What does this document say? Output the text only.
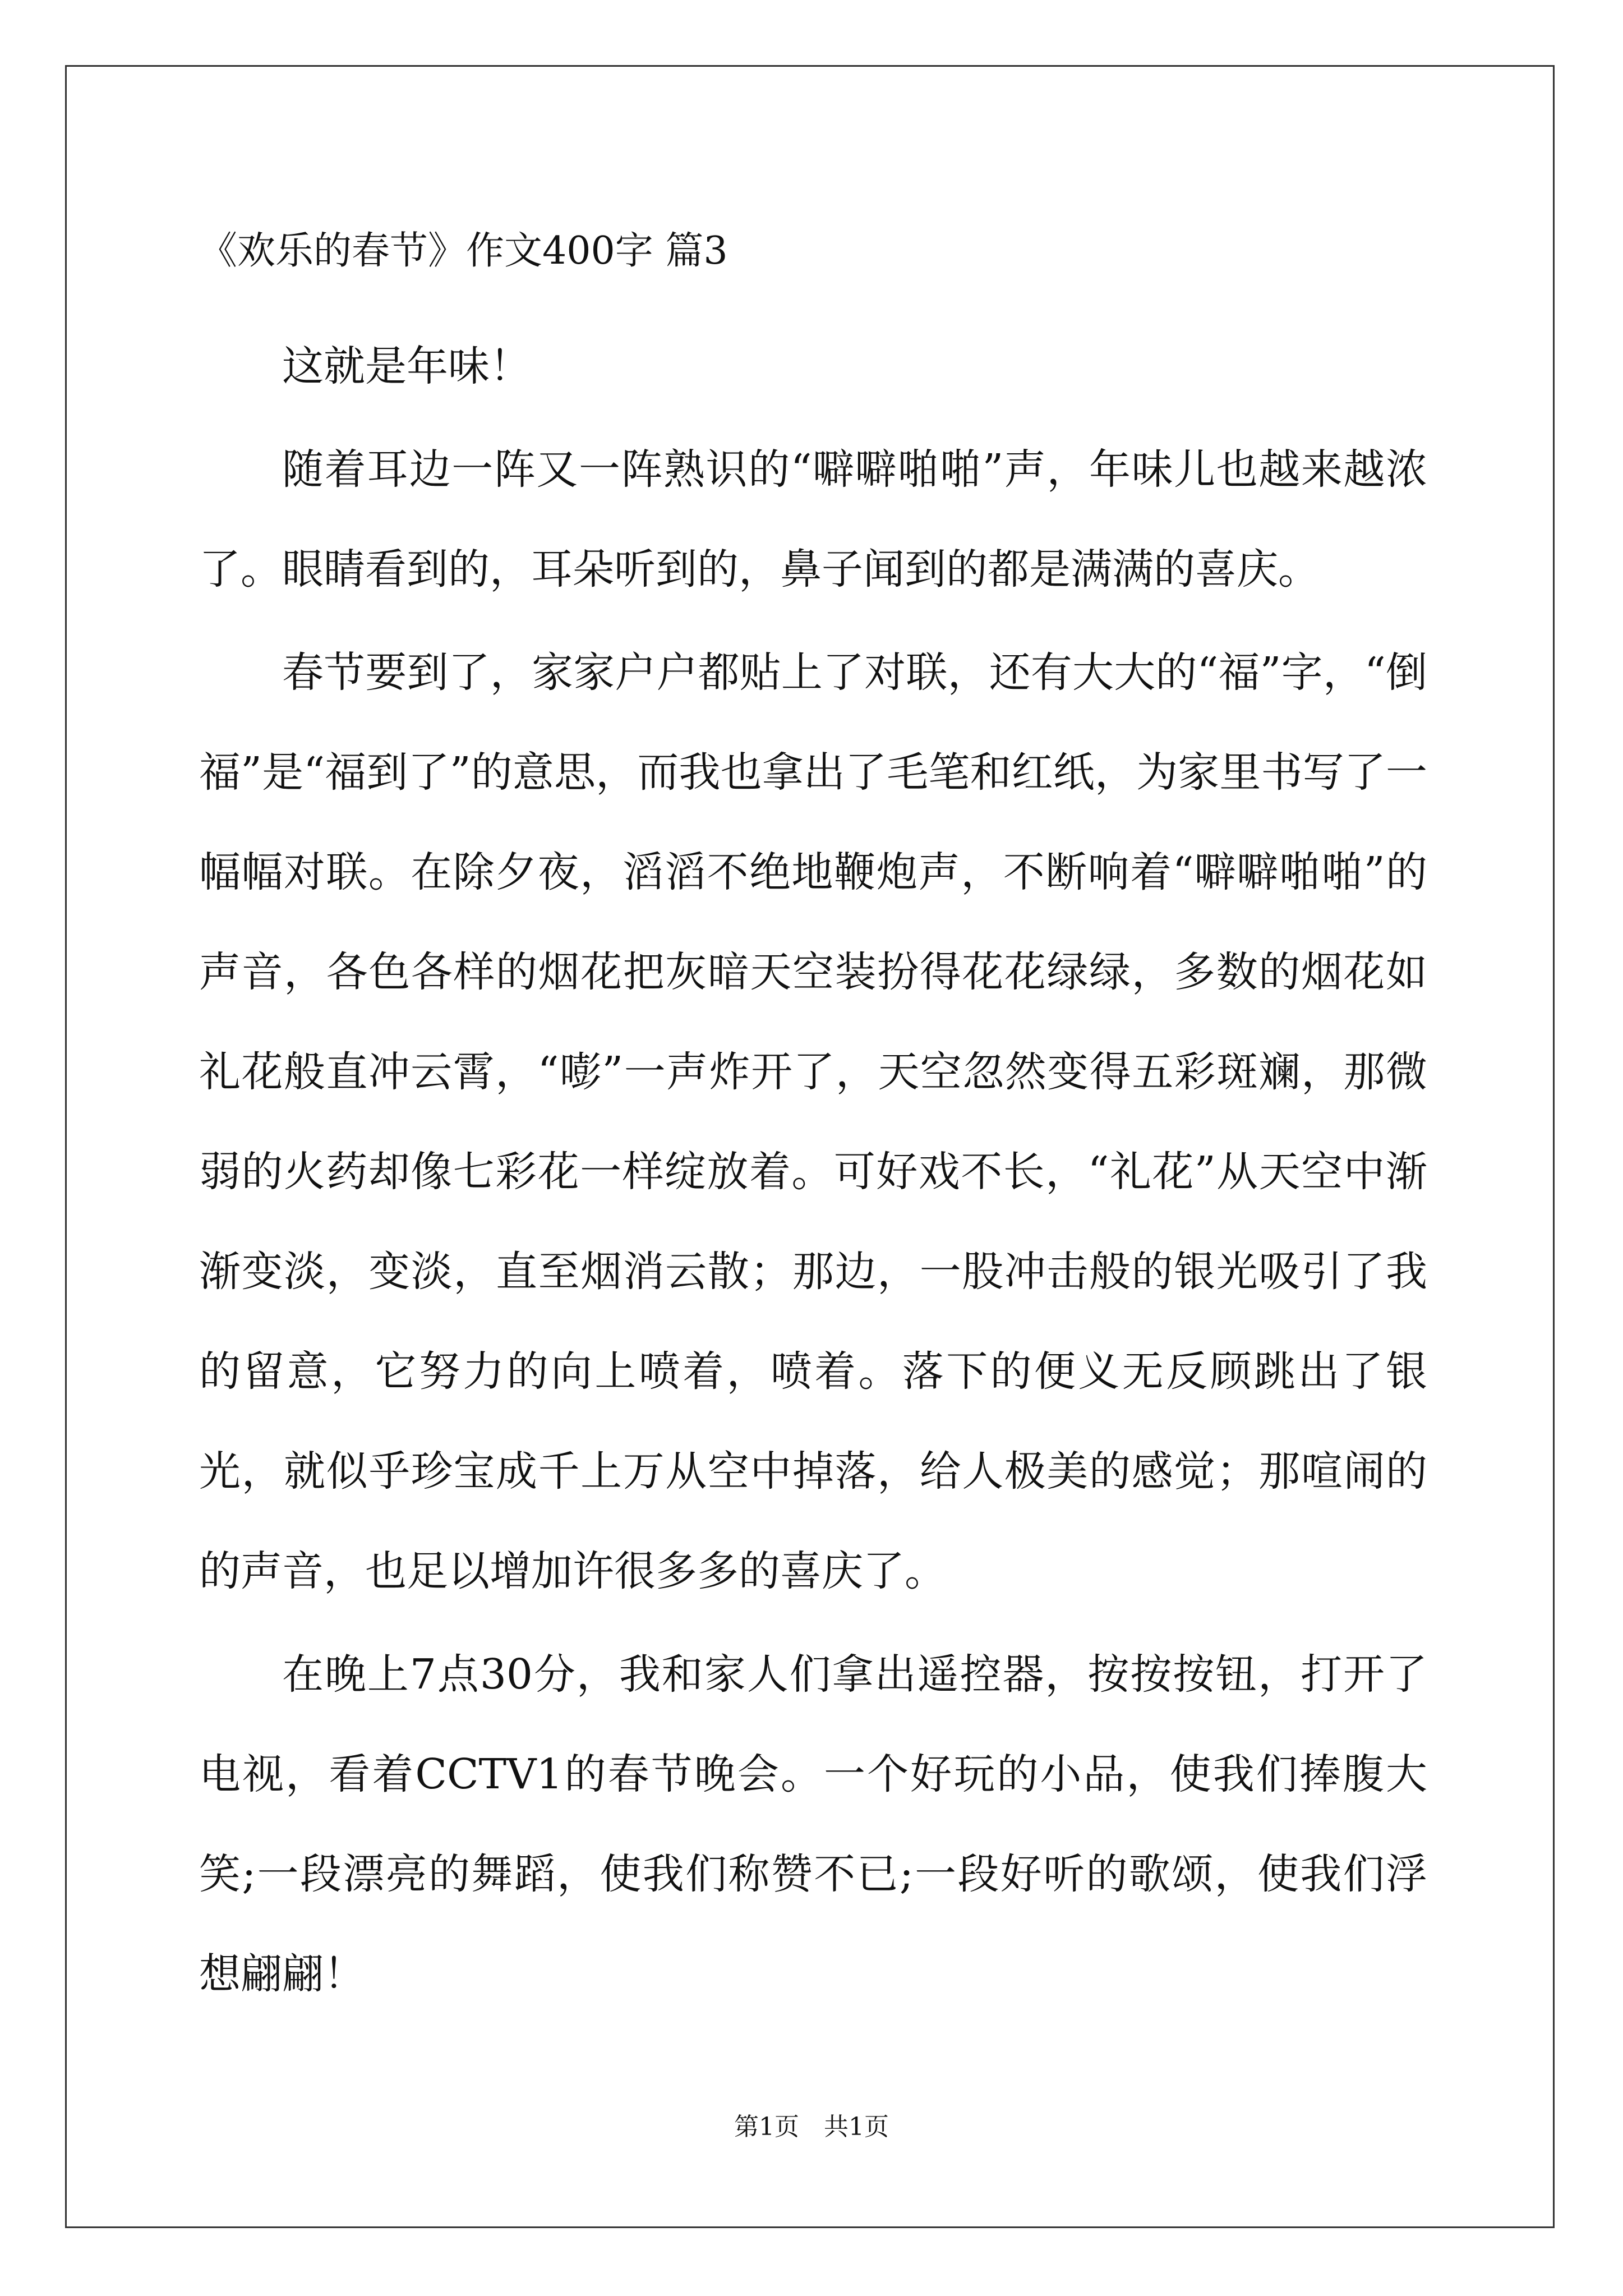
《欢乐的春节》作文400字 篇3

这就是年味！

随着耳边一阵又一阵熟识的“噼噼啪啪”声，年味儿也越来越浓了。眼睛看到的，耳朵听到的，鼻子闻到的都是满满的喜庆。

春节要到了，家家户户都贴上了对联，还有大大的“福”字，“倒福”是“福到了”的意思，而我也拿出了毛笔和红纸，为家里书写了一幅幅对联。在除夕夜，滔滔不绝地鞭炮声，不断响着“噼噼啪啪”的声音，各色各样的烟花把灰暗天空装扮得花花绿绿，多数的烟花如礼花般直冲云霄，“嘭”一声炸开了，天空忽然变得五彩斑斓，那微弱的火药却像七彩花一样绽放着。可好戏不长，“礼花”从天空中渐渐变淡，变淡，直至烟消云散；那边，一股冲击般的银光吸引了我的留意，它努力的向上喷着，喷着。落下的便义无反顾跳出了银光，就似乎珍宝成千上万从空中掉落，给人极美的感觉；那喧闹的的声音，也足以增加许很多多的喜庆了。

在晚上7点30分，我和家人们拿出遥控器，按按按钮，打开了电视，看着CCTV1的春节晚会。一个好玩的小品，使我们捧腹大笑;一段漂亮的舞蹈，使我们称赞不已;一段好听的歌颂，使我们浮想翩翩！

第1页　共1页
